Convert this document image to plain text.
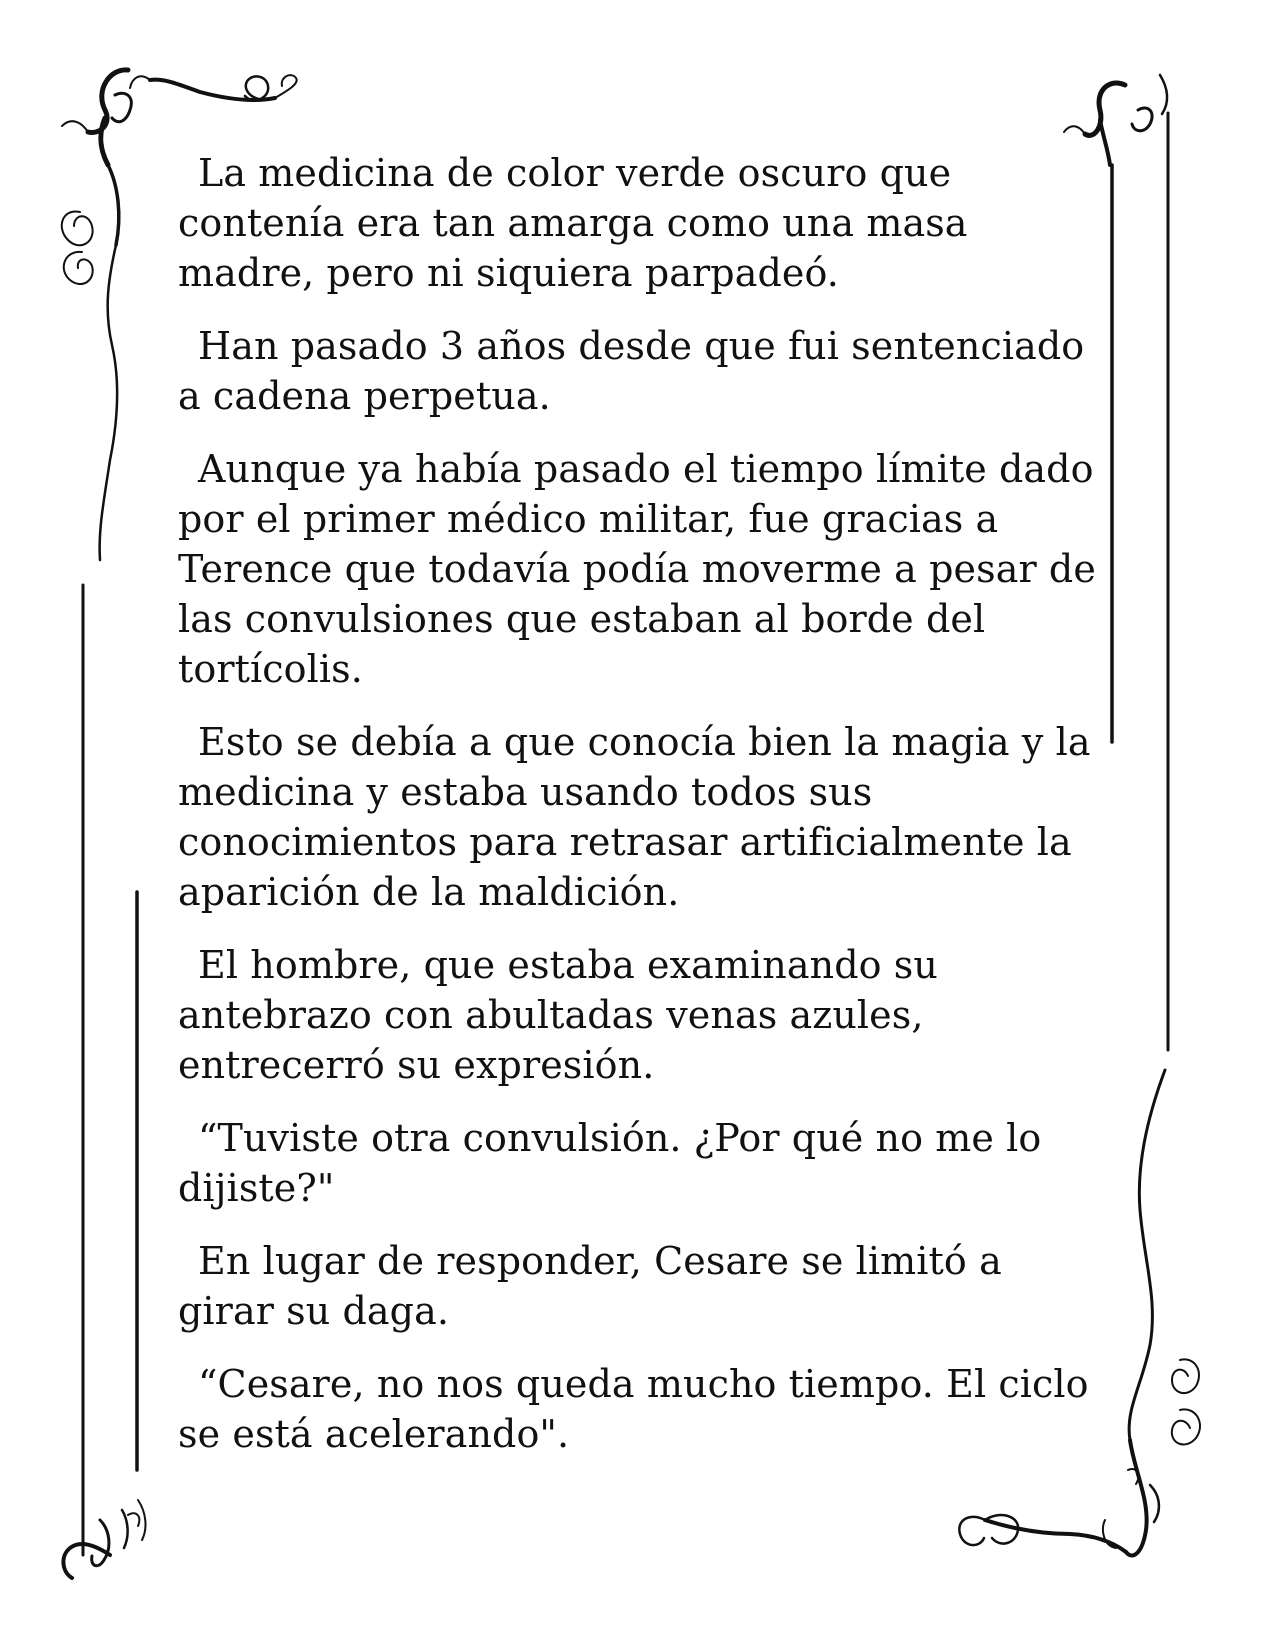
La medicina de color verde oscuro que contenía era tan amarga como una masa madre, pero ni siquiera parpadeó.

Han pasado 3 años desde que fui sentenciado a cadena perpetua.

Aunque ya había pasado el tiempo límite dado por el primer médico militar, fue gracias a Terence que todavía podía moverme a pesar de las convulsiones que estaban al borde del tortícolis.

Esto se debía a que conocía bien la magia y la medicina y estaba usando todos sus conocimientos para retrasar artificialmente la aparición de la maldición.

El hombre, que estaba examinando su antebrazo con abultadas venas azules, entrecerró su expresión.

“Tuviste otra convulsión. ¿Por qué no me lo dijiste?"

En lugar de responder, Cesare se limitó a girar su daga.

“Cesare, no nos queda mucho tiempo. El ciclo se está acelerando".
